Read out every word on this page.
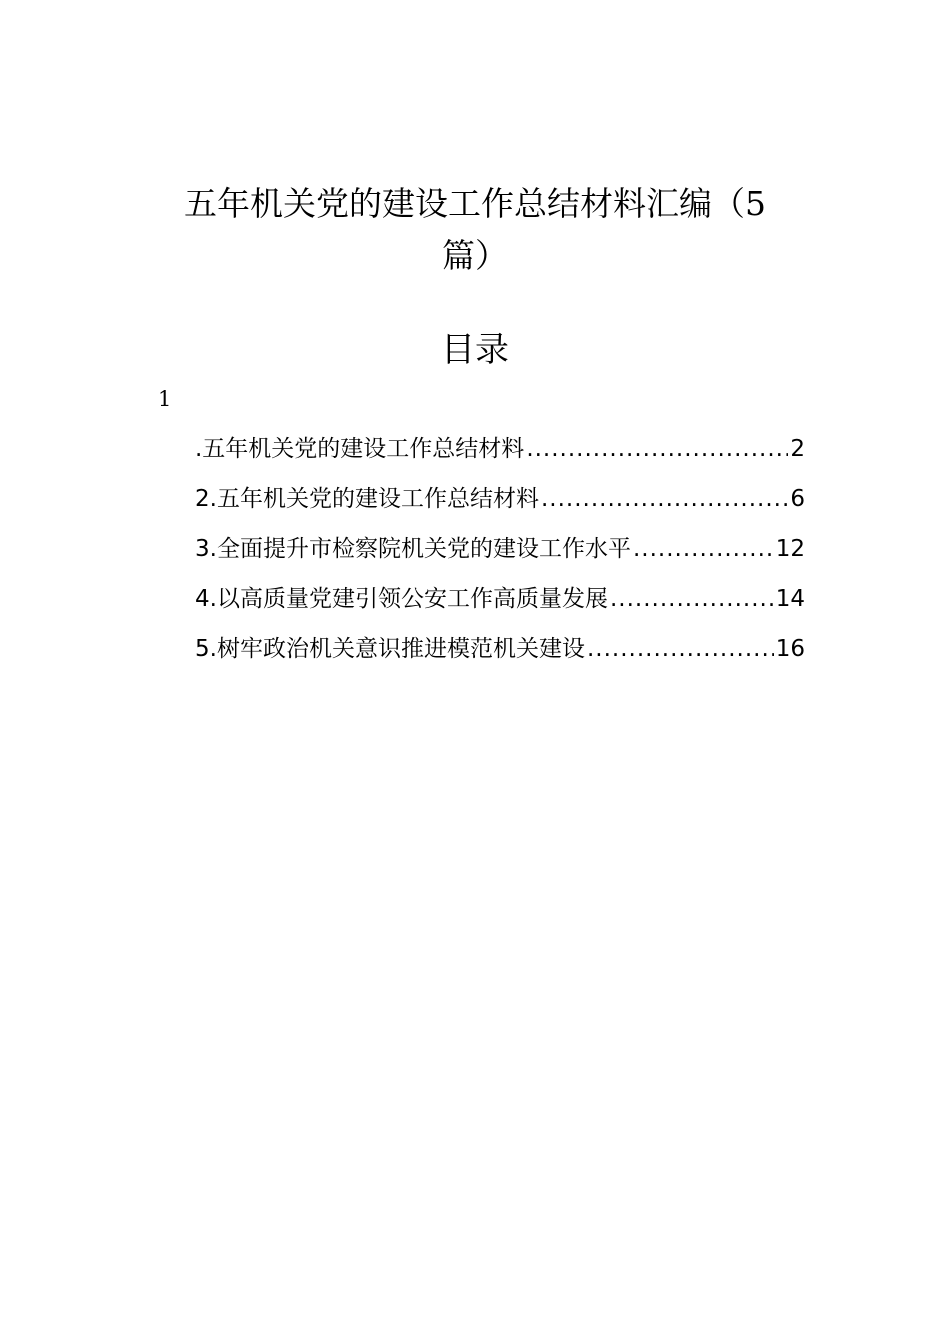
五年机关党的建设工作总结材料汇编（5
篇）
目录
1
.五年机关党的建设工作总结材料 .....	2
2.五年机关党的建设工作总结材料 .....	6
3.全面提升市检察院机关党的建设工作水平 .....	12
4.以高质量党建引领公安工作高质量发展 .....	14
5.树牢政治机关意识推进模范机关建设 .....	16
